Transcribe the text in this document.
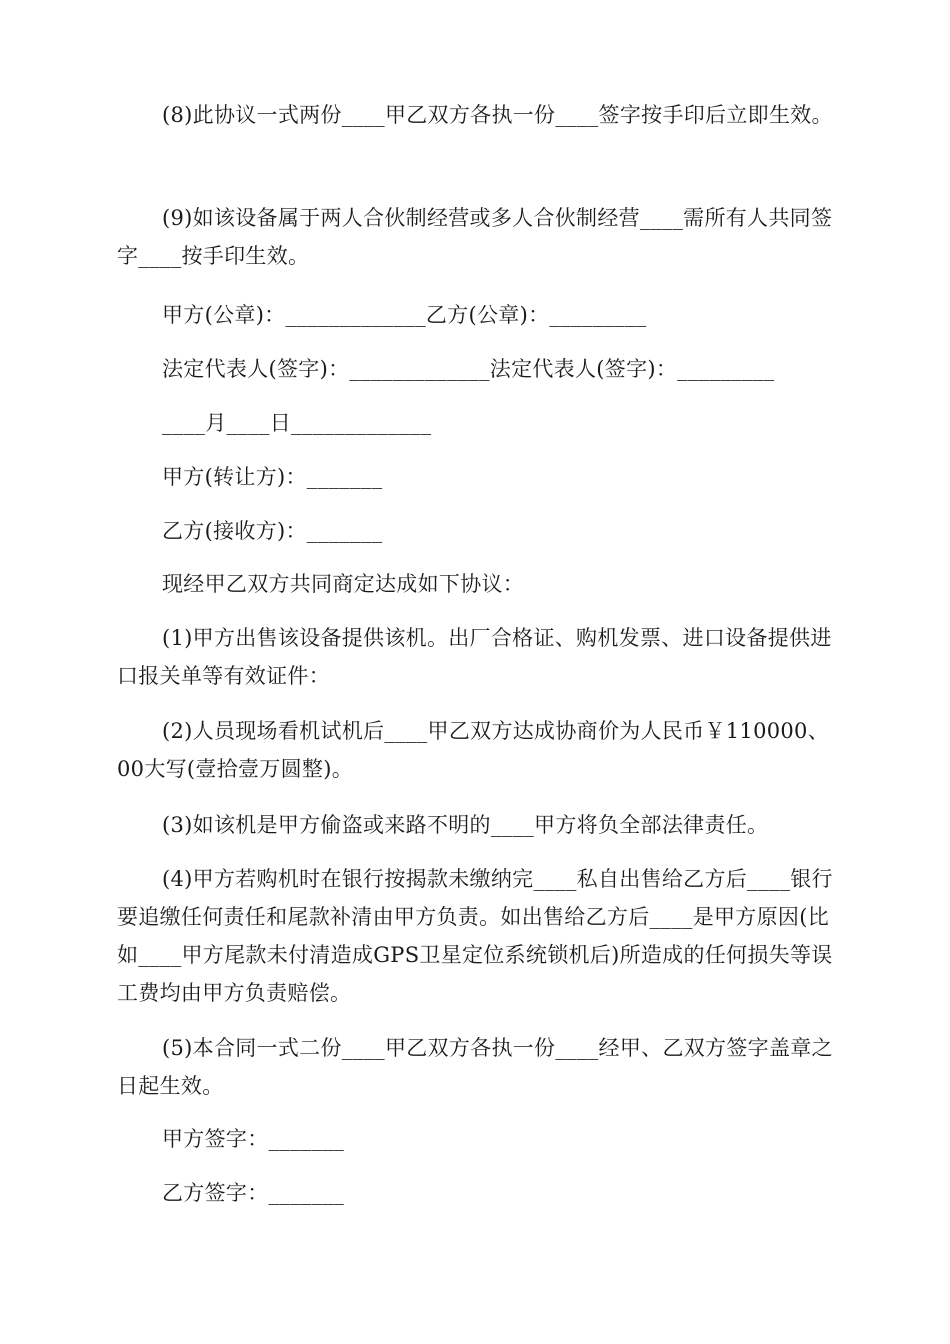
(8)此协议一式两份____甲乙双方各执一份____签字按手印后立即生效。

(9)如该设备属于两人合伙制经营或多人合伙制经营____需所有人共同签字____按手印生效。

甲方(公章)：_____________乙方(公章)：_________

法定代表人(签字)：_____________法定代表人(签字)：_________

____月____日_____________

甲方(转让方)：_______

乙方(接收方)：_______

现经甲乙双方共同商定达成如下协议：

(1)甲方出售该设备提供该机。出厂合格证、购机发票、进口设备提供进口报关单等有效证件：

(2)人员现场看机试机后____甲乙双方达成协商价为人民币￥110000、00大写(壹拾壹万圆整)。

(3)如该机是甲方偷盗或来路不明的____甲方将负全部法律责任。

(4)甲方若购机时在银行按揭款未缴纳完____私自出售给乙方后____银行要追缴任何责任和尾款补清由甲方负责。如出售给乙方后____是甲方原因(比如____甲方尾款未付清造成GPS卫星定位系统锁机后)所造成的任何损失等误工费均由甲方负责赔偿。

(5)本合同一式二份____甲乙双方各执一份____经甲、乙双方签字盖章之日起生效。

甲方签字：_______

乙方签字：_______
